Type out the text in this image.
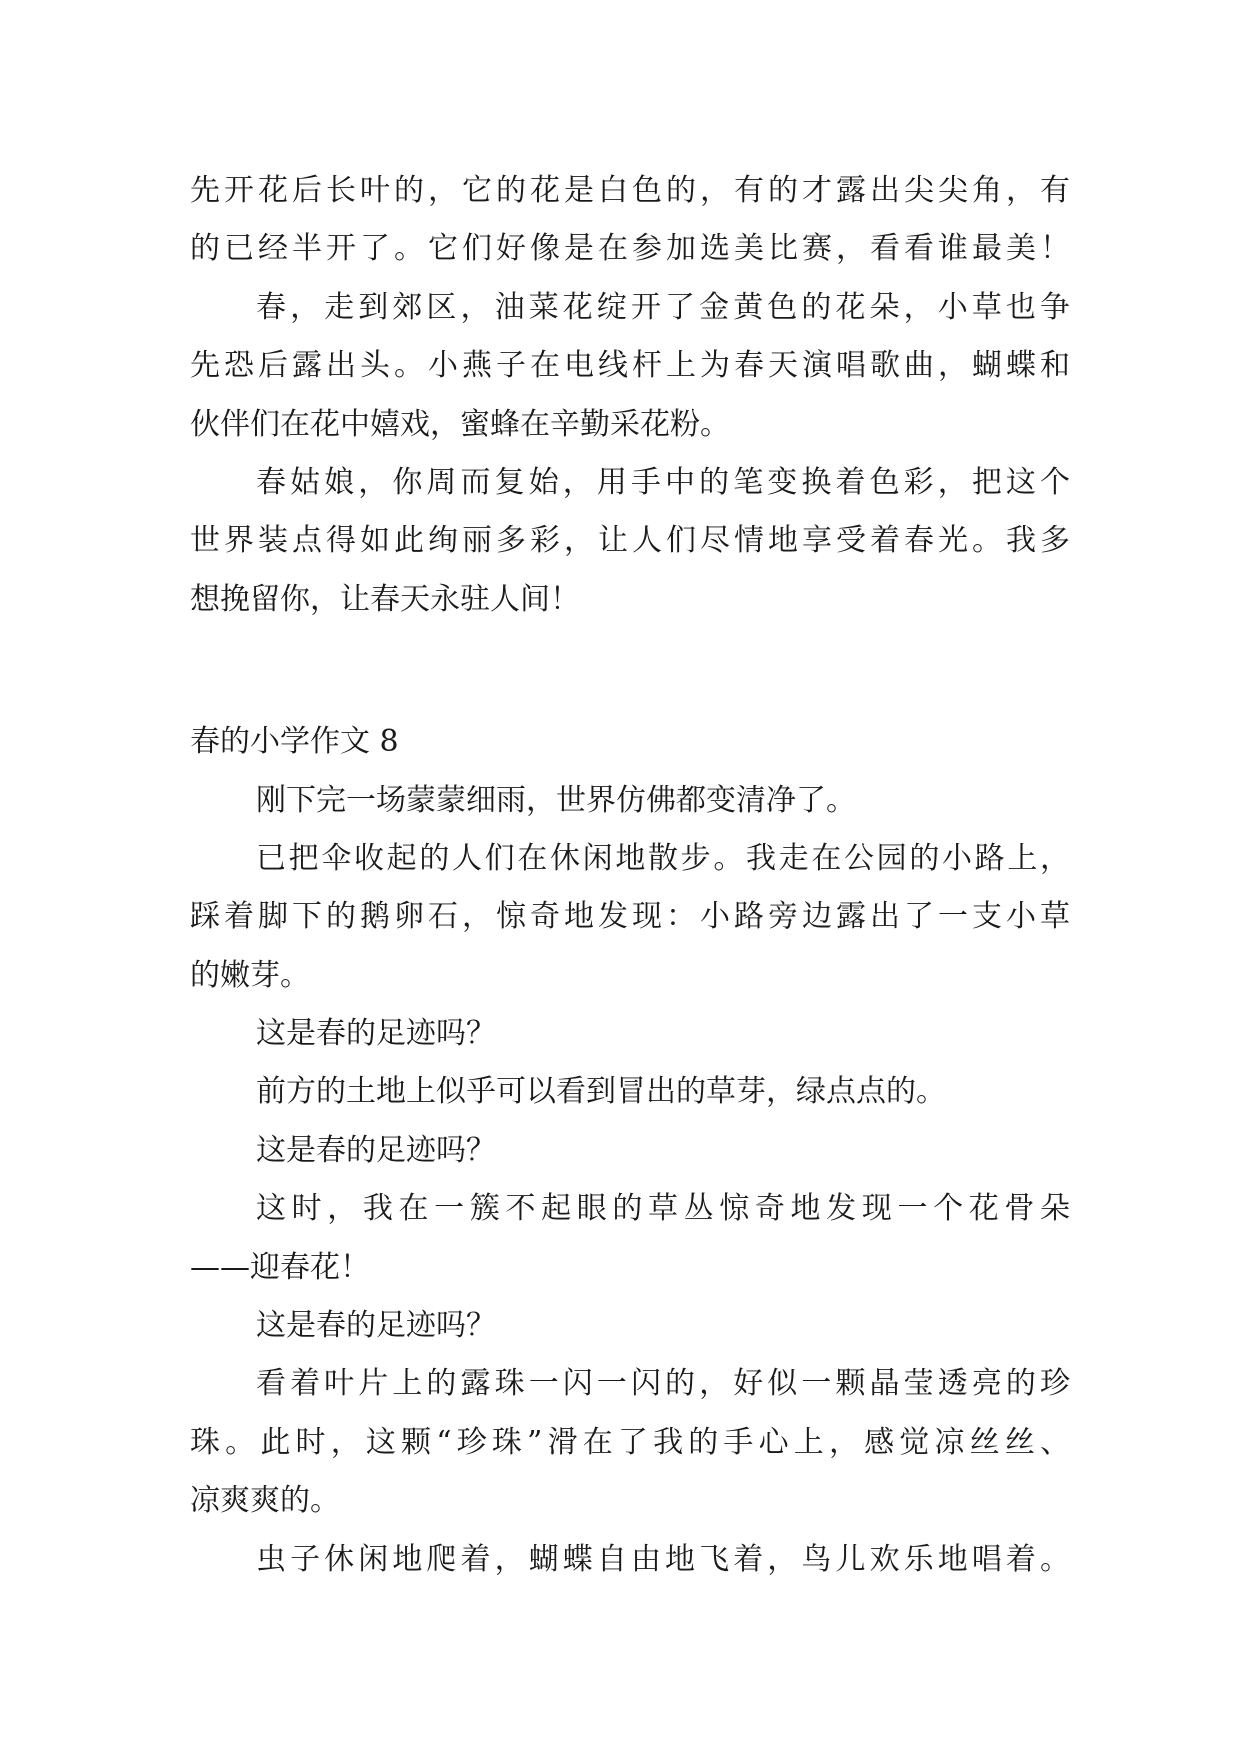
先开花后长叶的，它的花是白色的，有的才露出尖尖角，有
的已经半开了。它们好像是在参加选美比赛，看看谁最美！
春，走到郊区，油菜花绽开了金黄色的花朵，小草也争
先恐后露出头。小燕子在电线杆上为春天演唱歌曲，蝴蝶和
伙伴们在花中嬉戏，蜜蜂在辛勤采花粉。
春姑娘，你周而复始，用手中的笔变换着色彩，把这个
世界装点得如此绚丽多彩，让人们尽情地享受着春光。我多
想挽留你，让春天永驻人间！
春的小学作文 8
刚下完一场蒙蒙细雨，世界仿佛都变清净了。
已把伞收起的人们在休闲地散步。我走在公园的小路上，
踩着脚下的鹅卵石，惊奇地发现：小路旁边露出了一支小草
的嫩芽。
这是春的足迹吗？
前方的土地上似乎可以看到冒出的草芽，绿点点的。
这是春的足迹吗？
这时，我在一簇不起眼的草丛惊奇地发现一个花骨朵
——迎春花！
这是春的足迹吗？
看着叶片上的露珠一闪一闪的，好似一颗晶莹透亮的珍
珠。此时，这颗“珍珠”滑在了我的手心上，感觉凉丝丝、
凉爽爽的。
虫子休闲地爬着，蝴蝶自由地飞着，鸟儿欢乐地唱着。
